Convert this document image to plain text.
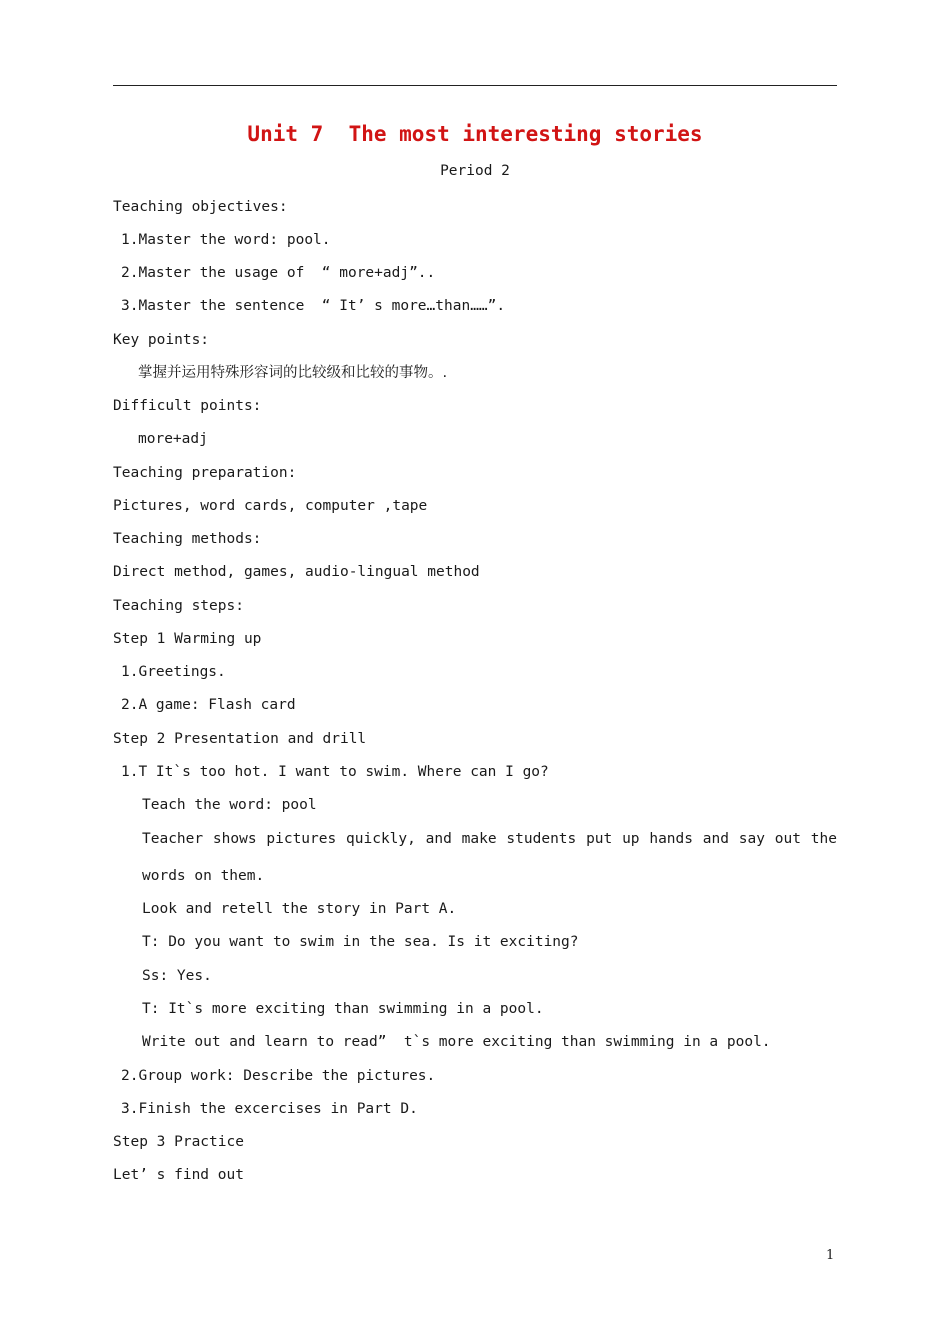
Unit 7  The most interesting stories
Period 2

Teaching objectives:

1.Master the word: pool.

2.Master the usage of  “ more+adj”..

3.Master the sentence  “ It’ s more…than……”.

Key points:

掌握并运用特殊形容词的比较级和比较的事物。.

Difficult points:

more+adj

Teaching preparation:

Pictures, word cards, computer ,tape

Teaching methods:

Direct method, games, audio-lingual method

Teaching steps:

Step 1 Warming up

1.Greetings.

2.A game: Flash card

Step 2 Presentation and drill

1.T It`s too hot. I want to swim. Where can I go?

Teach the word: pool

Teacher shows pictures quickly, and make students put up hands and say out the

words on them.

Look and retell the story in Part A.

T: Do you want to swim in the sea. Is it exciting?

Ss: Yes.

T: It`s more exciting than swimming in a pool.

Write out and learn to read”  t`s more exciting than swimming in a pool.

2.Group work: Describe the pictures.

3.Finish the excercises in Part D.

Step 3 Practice

Let’ s find out

1
